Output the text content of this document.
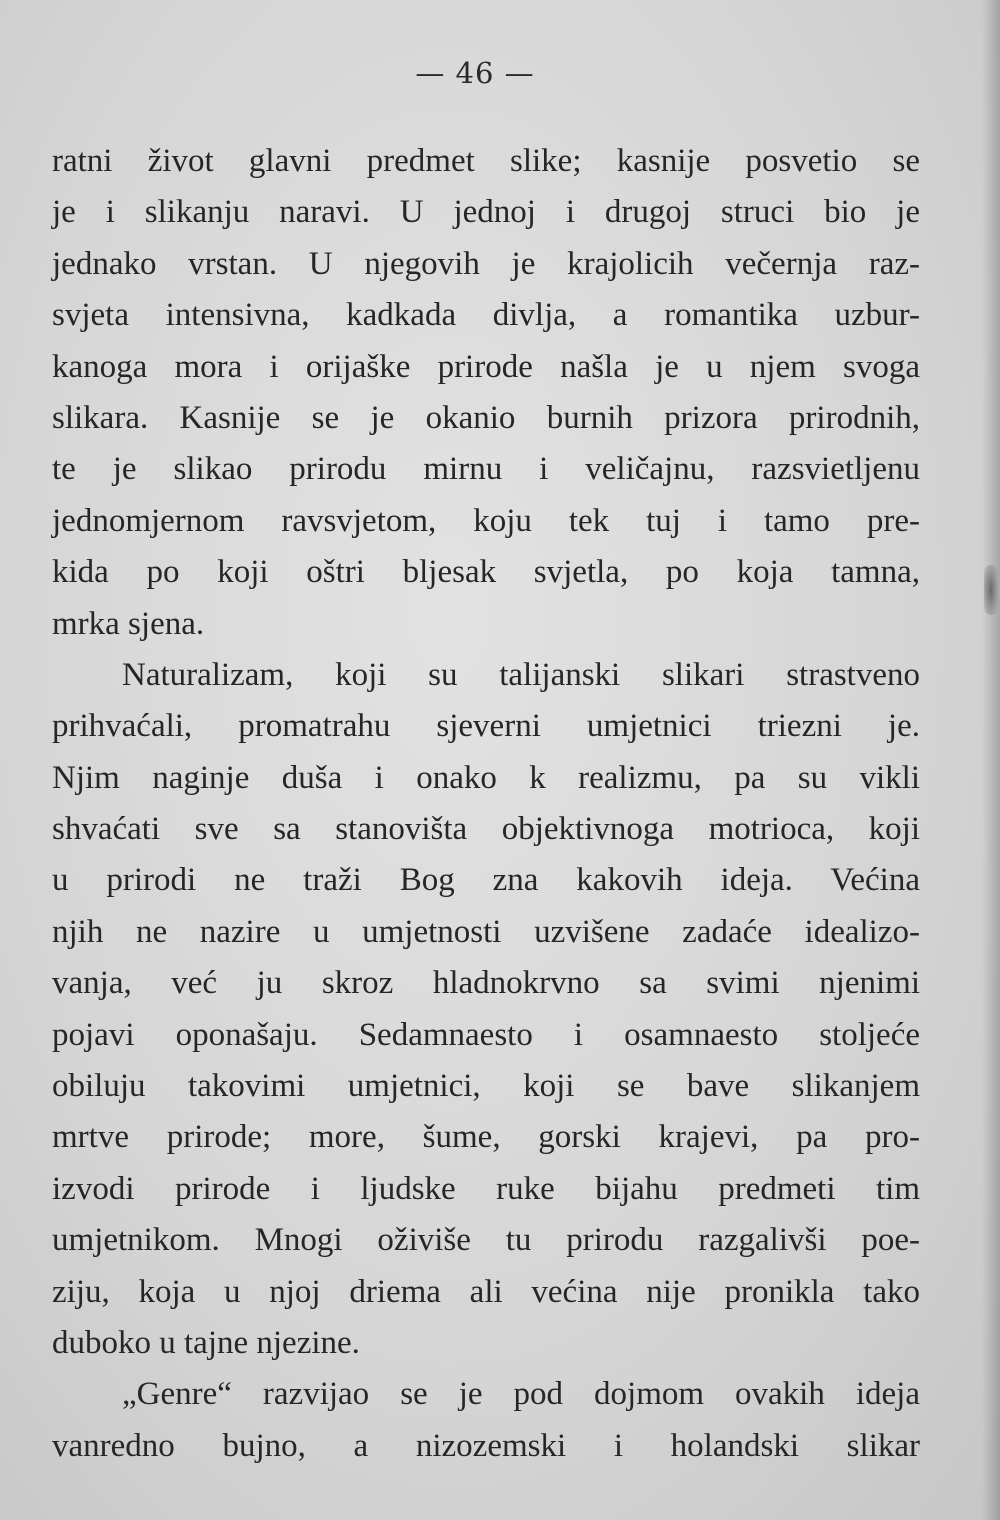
— 46 —
ratni život glavni predmet slike; kasnije posvetio se
je i slikanju naravi. U jednoj i drugoj struci bio je
jednako vrstan. U njegovih je krajolicih večernja raz-
svjeta intensivna, kadkada divlja, a romantika uzbur-
kanoga mora i orijaške prirode našla je u njem svoga
slikara. Kasnije se je okanio burnih prizora prirodnih,
te je slikao prirodu mirnu i veličajnu, razsvietljenu
jednomjernom ravsvjetom, koju tek tuj i tamo pre-
kida po koji oštri bljesak svjetla, po koja tamna,
mrka sjena.
Naturalizam, koji su talijanski slikari strastveno
prihvaćali, promatrahu sjeverni umjetnici triezni je.
Njim naginje duša i onako k realizmu, pa su vikli
shvaćati sve sa stanovišta objektivnoga motrioca, koji
u prirodi ne traži Bog zna kakovih ideja. Većina
njih ne nazire u umjetnosti uzvišene zadaće idealizo-
vanja, već ju skroz hladnokrvno sa svimi njenimi
pojavi oponašaju. Sedamnaesto i osamnaesto stoljeće
obiluju takovimi umjetnici, koji se bave slikanjem
mrtve prirode; more, šume, gorski krajevi, pa pro-
izvodi prirode i ljudske ruke bijahu predmeti tim
umjetnikom. Mnogi oživiše tu prirodu razgalivši poe-
ziju, koja u njoj driema ali većina nije pronikla tako
duboko u tajne njezine.
„Genre“ razvijao se je pod dojmom ovakih ideja
vanredno bujno, a nizozemski i holandski slikar
